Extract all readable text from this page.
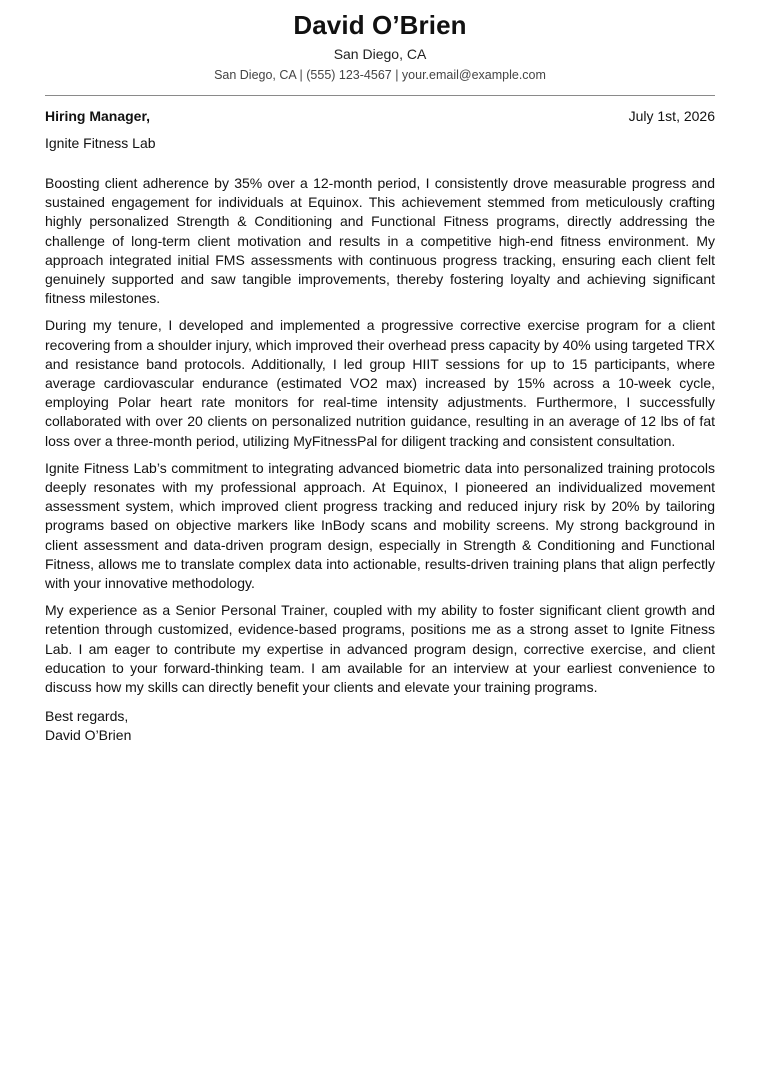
David O’Brien
San Diego, CA
San Diego, CA | (555) 123-4567 | your.email@example.com
Hiring Manager,	July 1st, 2026
Ignite Fitness Lab

Boosting client adherence by 35% over a 12-month period, I consistently drove measurable progress and sustained engagement for individuals at Equinox. This achievement stemmed from meticulously crafting highly personalized Strength & Conditioning and Functional Fitness programs, directly addressing the challenge of long-term client motivation and results in a competitive high-end fitness environment. My approach integrated initial FMS assessments with continuous progress tracking, ensuring each client felt genuinely supported and saw tangible improvements, thereby fostering loyalty and achieving significant fitness milestones.

During my tenure, I developed and implemented a progressive corrective exercise program for a client recovering from a shoulder injury, which improved their overhead press capacity by 40% using targeted TRX and resistance band protocols. Additionally, I led group HIIT sessions for up to 15 participants, where average cardiovascular endurance (estimated VO2 max) increased by 15% across a 10-week cycle, employing Polar heart rate monitors for real-time intensity adjustments. Furthermore, I successfully collaborated with over 20 clients on personalized nutrition guidance, resulting in an average of 12 lbs of fat loss over a three-month period, utilizing MyFitnessPal for diligent tracking and consistent consultation.

Ignite Fitness Lab’s commitment to integrating advanced biometric data into personalized training protocols deeply resonates with my professional approach. At Equinox, I pioneered an individualized movement assessment system, which improved client progress tracking and reduced injury risk by 20% by tailoring programs based on objective markers like InBody scans and mobility screens. My strong background in client assessment and data-driven program design, especially in Strength & Conditioning and Functional Fitness, allows me to translate complex data into actionable, results-driven training plans that align perfectly with your innovative methodology.

My experience as a Senior Personal Trainer, coupled with my ability to foster significant client growth and retention through customized, evidence-based programs, positions me as a strong asset to Ignite Fitness Lab. I am eager to contribute my expertise in advanced program design, corrective exercise, and client education to your forward-thinking team. I am available for an interview at your earliest convenience to discuss how my skills can directly benefit your clients and elevate your training programs.

Best regards,
David O’Brien
